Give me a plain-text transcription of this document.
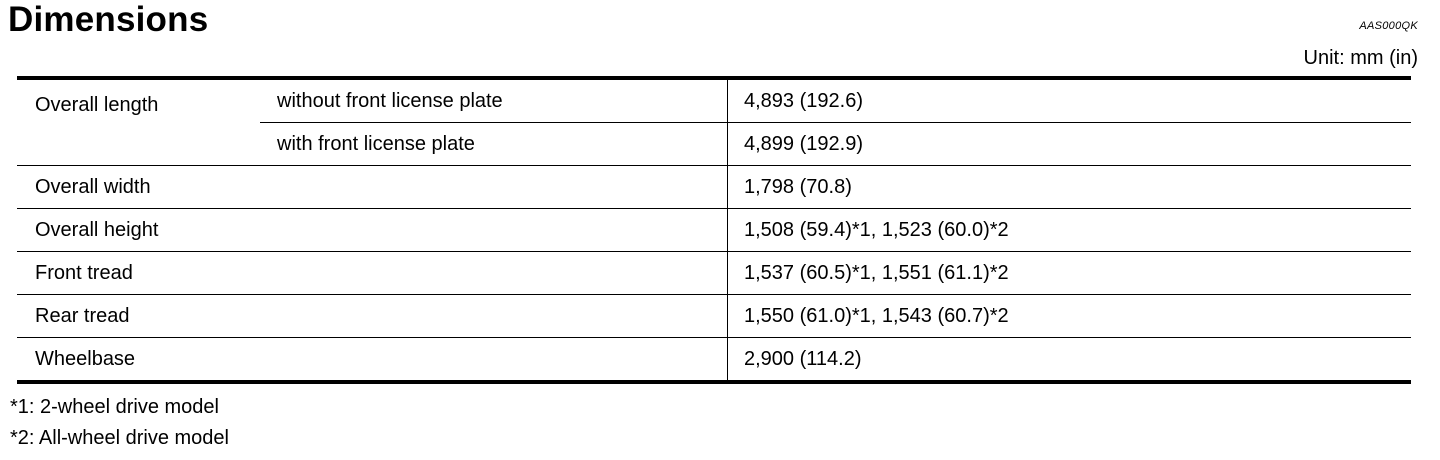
Dimensions	AAS000QK
Unit: mm (in)
Overall length	without front license plate	4,893 (192.6)
	with front license plate	4,899 (192.9)
Overall width		1,798 (70.8)
Overall height		1,508 (59.4)*1, 1,523 (60.0)*2
Front tread		1,537 (60.5)*1, 1,551 (61.1)*2
Rear tread		1,550 (61.0)*1, 1,543 (60.7)*2
Wheelbase		2,900 (114.2)
*1: 2-wheel drive model
*2: All-wheel drive model
